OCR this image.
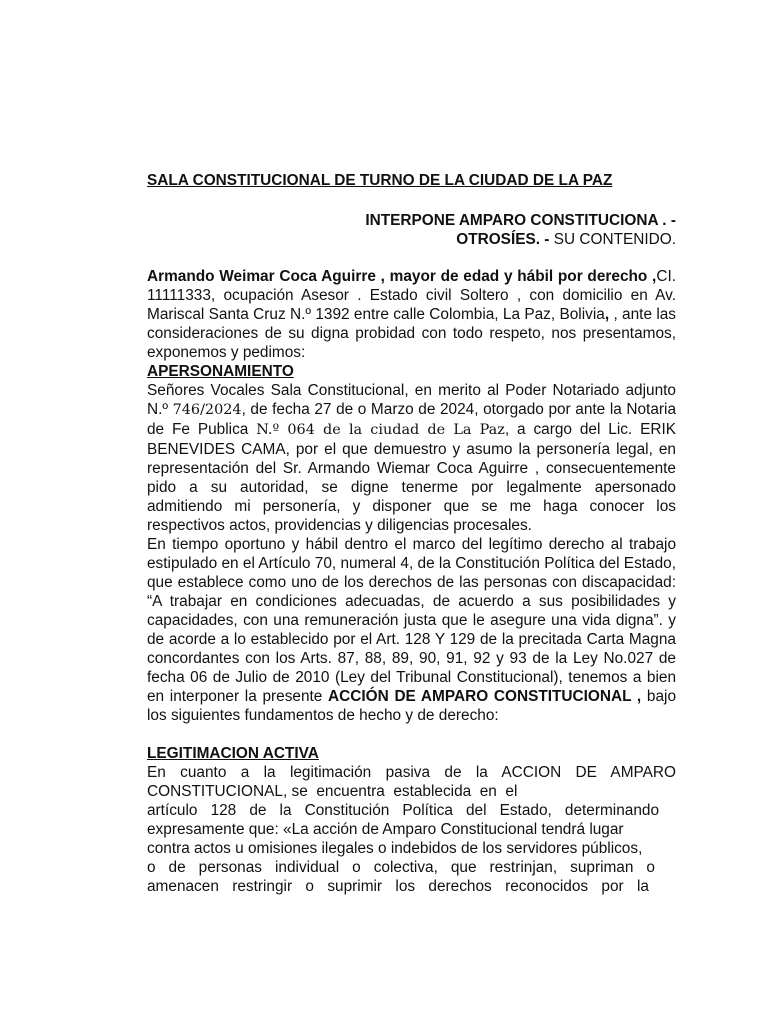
SALA CONSTITUCIONAL DE TURNO DE LA CIUDAD DE LA PAZ
INTERPONE AMPARO CONSTITUCIONA . -
OTROSÍES. - SU CONTENIDO.

Armando Weimar Coca Aguirre , mayor de edad y hábil por derecho ,CI. 11111333, ocupación Asesor . Estado civil Soltero , con domicilio en Av. Mariscal Santa Cruz N.º 1392 entre calle Colombia, La Paz, Bolivia, , ante las consideraciones de su digna probidad con todo respeto, nos presentamos, exponemos y pedimos:

APERSONAMIENTO

Señores Vocales Sala Constitucional, en merito al Poder Notariado adjunto N.º 746/2024, de fecha 27 de o Marzo de 2024, otorgado por ante la Notaria de Fe Publica N.º 064 de la ciudad de La Paz, a cargo del Lic. ERIK BENEVIDES CAMA, por el que demuestro y asumo la personería legal, en representación del Sr. Armando Wiemar Coca Aguirre , consecuentemente pido a su autoridad, se digne tenerme por legalmente apersonado admitiendo mi personería, y disponer que se me haga conocer los respectivos actos, providencias y diligencias procesales.

En tiempo oportuno y hábil dentro el marco del legítimo derecho al trabajo estipulado en el Artículo 70, numeral 4, de la Constitución Política del Estado, que establece como uno de los derechos de las personas con discapacidad: “A trabajar en condiciones adecuadas, de acuerdo a sus posibilidades y capacidades, con una remuneración justa que le asegure una vida digna”. y de acorde a lo establecido por el Art. 128 Y 129 de la precitada Carta Magna concordantes con los Arts. 87, 88, 89, 90, 91, 92 y 93 de la Ley No.027 de fecha 06 de Julio de 2010 (Ley del Tribunal Constitucional), tenemos a bien en interponer la presente ACCIÓN DE AMPARO CONSTITUCIONAL , bajo los siguientes fundamentos de hecho y de derecho:

LEGITIMACION ACTIVA
En cuanto a la legitimación pasiva de la ACCION DE AMPARO
CONSTITUCIONAL, se  encuentra  establecida  en  el
artículo 128 de la Constitución Política del Estado, determinando
expresamente que: «La acción de Amparo Constitucional tendrá lugar
contra actos u omisiones ilegales o indebidos de los servidores públicos,
o de personas individual o colectiva, que restrinjan, supriman o
amenacen restringir o suprimir los derechos reconocidos por la
